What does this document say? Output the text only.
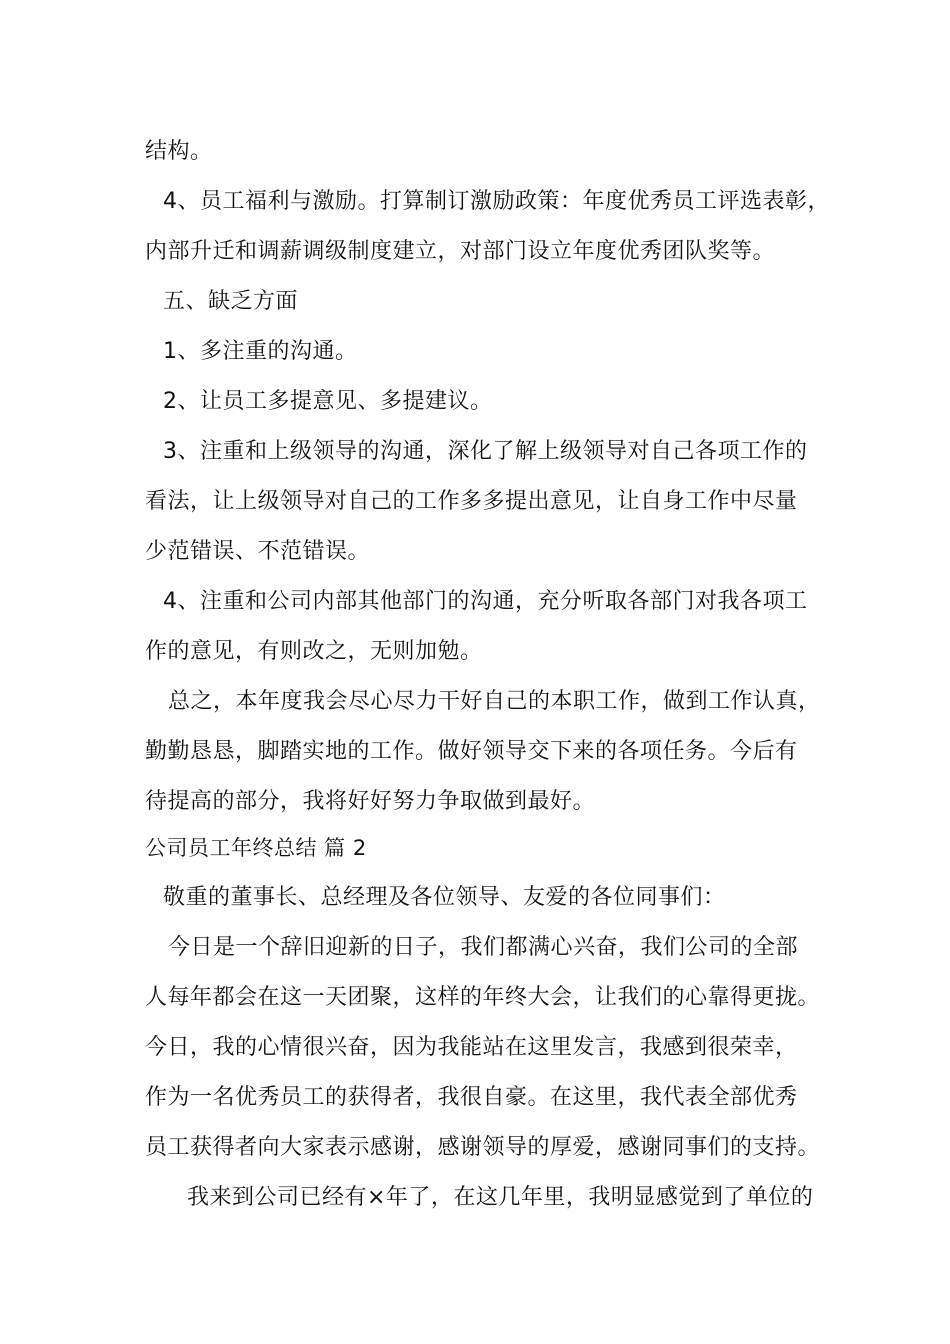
结构。
4、员工福利与激励。打算制订激励政策：年度优秀员工评选表彰，
内部升迁和调薪调级制度建立，对部门设立年度优秀团队奖等。
五、缺乏方面
1、多注重的沟通。
2、让员工多提意见、多提建议。
3、注重和上级领导的沟通，深化了解上级领导对自己各项工作的
看法，让上级领导对自己的工作多多提出意见，让自身工作中尽量
少范错误、不范错误。
4、注重和公司内部其他部门的沟通，充分听取各部门对我各项工
作的意见，有则改之，无则加勉。
总之，本年度我会尽心尽力干好自己的本职工作，做到工作认真，
勤勤恳恳，脚踏实地的工作。做好领导交下来的各项任务。今后有
待提高的部分，我将好好努力争取做到最好。
公司员工年终总结 篇 2
敬重的董事长、总经理及各位领导、友爱的各位同事们：
今日是一个辞旧迎新的日子，我们都满心兴奋，我们公司的全部
人每年都会在这一天团聚，这样的年终大会，让我们的心靠得更拢。
今日，我的心情很兴奋，因为我能站在这里发言，我感到很荣幸，
作为一名优秀员工的获得者，我很自豪。在这里，我代表全部优秀
员工获得者向大家表示感谢，感谢领导的厚爱，感谢同事们的支持。
我来到公司已经有×年了，在这几年里，我明显感觉到了单位的
